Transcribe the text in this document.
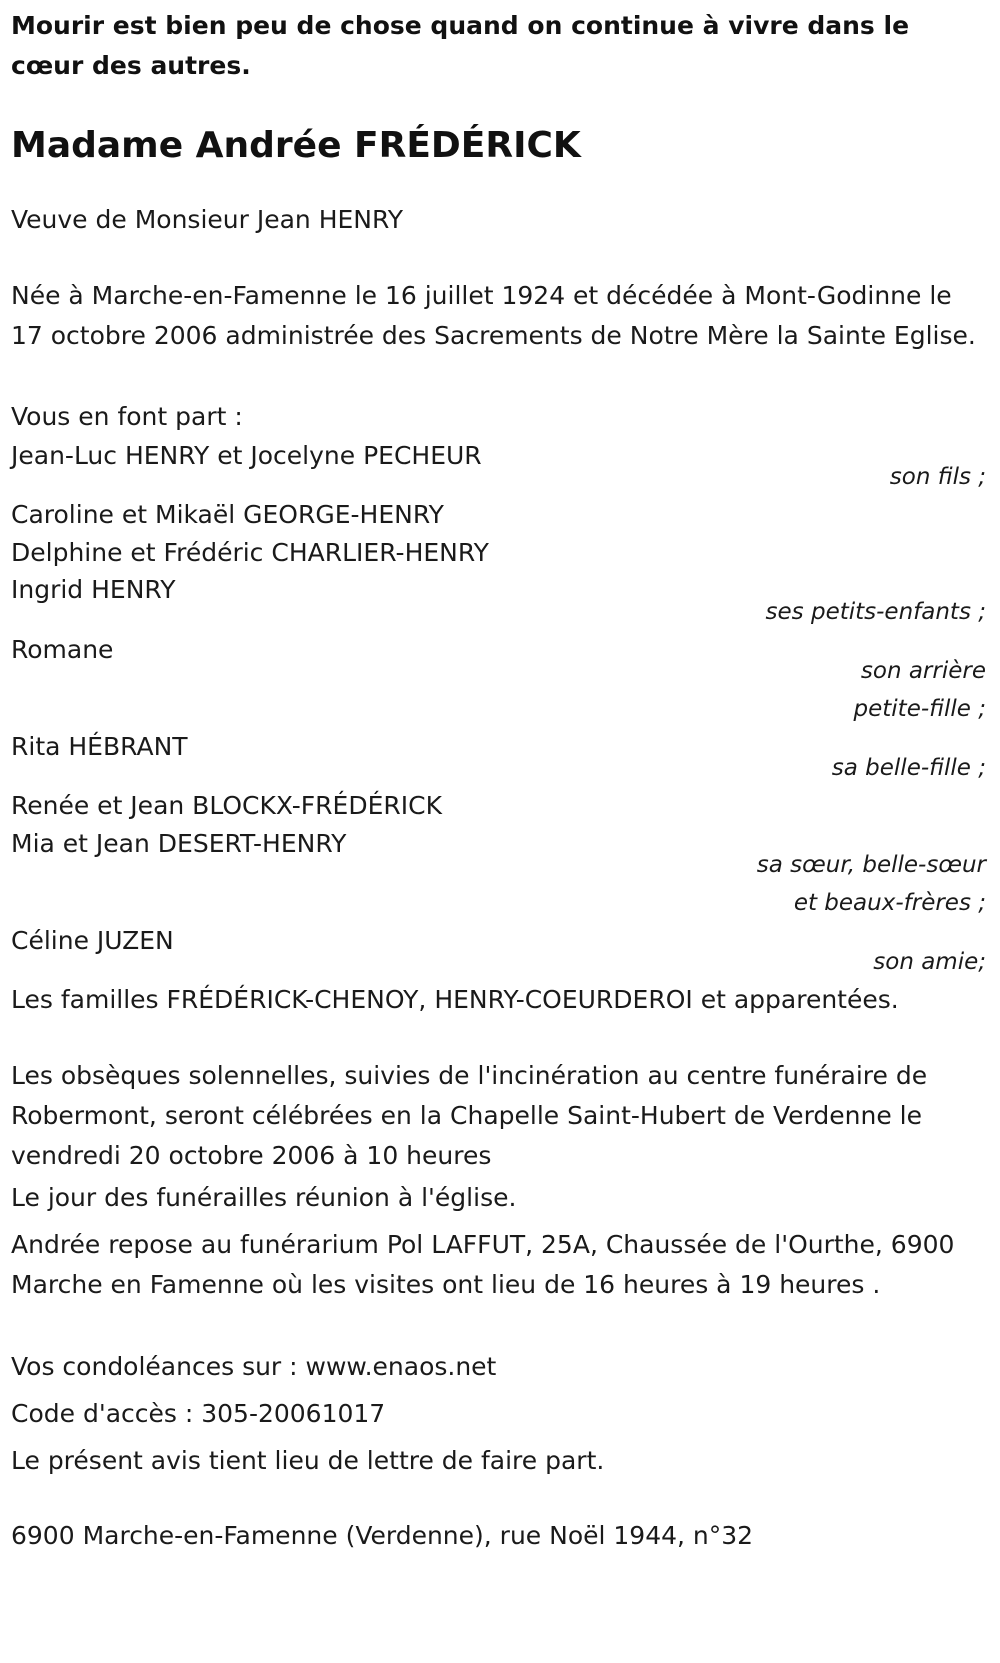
Mourir est bien peu de chose quand on continue à vivre dans le cœur des autres.
Madame Andrée FRÉDÉRICK
Veuve de Monsieur Jean HENRY
Née à Marche-en-Famenne le 16 juillet 1924 et décédée à Mont-Godinne le 17 octobre 2006 administrée des Sacrements de Notre Mère la Sainte Eglise.
Vous en font part :
Jean-Luc HENRY et Jocelyne PECHEUR
son fils ;
Caroline et Mikaël GEORGE-HENRY
Delphine et Frédéric CHARLIER-HENRY
Ingrid HENRY
ses petits-enfants ;
Romane
son arrière
petite-fille ;
Rita HÉBRANT
sa belle-fille ;
Renée et Jean BLOCKX-FRÉDÉRICK
Mia et Jean DESERT-HENRY
sa sœur, belle-sœur
et beaux-frères ;
Céline JUZEN
son amie;
Les familles FRÉDÉRICK-CHENOY, HENRY-COEURDEROI et apparentées.
Les obsèques solennelles, suivies de l'incinération au centre funéraire de Robermont, seront célébrées en la Chapelle Saint-Hubert de Verdenne le vendredi 20 octobre 2006 à 10 heures
Le jour des funérailles réunion à l'église.
Andrée repose au funérarium Pol LAFFUT, 25A, Chaussée de l'Ourthe, 6900 Marche en Famenne où les visites ont lieu de 16 heures à 19 heures .
Vos condoléances sur : www.enaos.net
Code d'accès : 305-20061017
Le présent avis tient lieu de lettre de faire part.
6900 Marche-en-Famenne (Verdenne), rue Noël 1944, n°32
